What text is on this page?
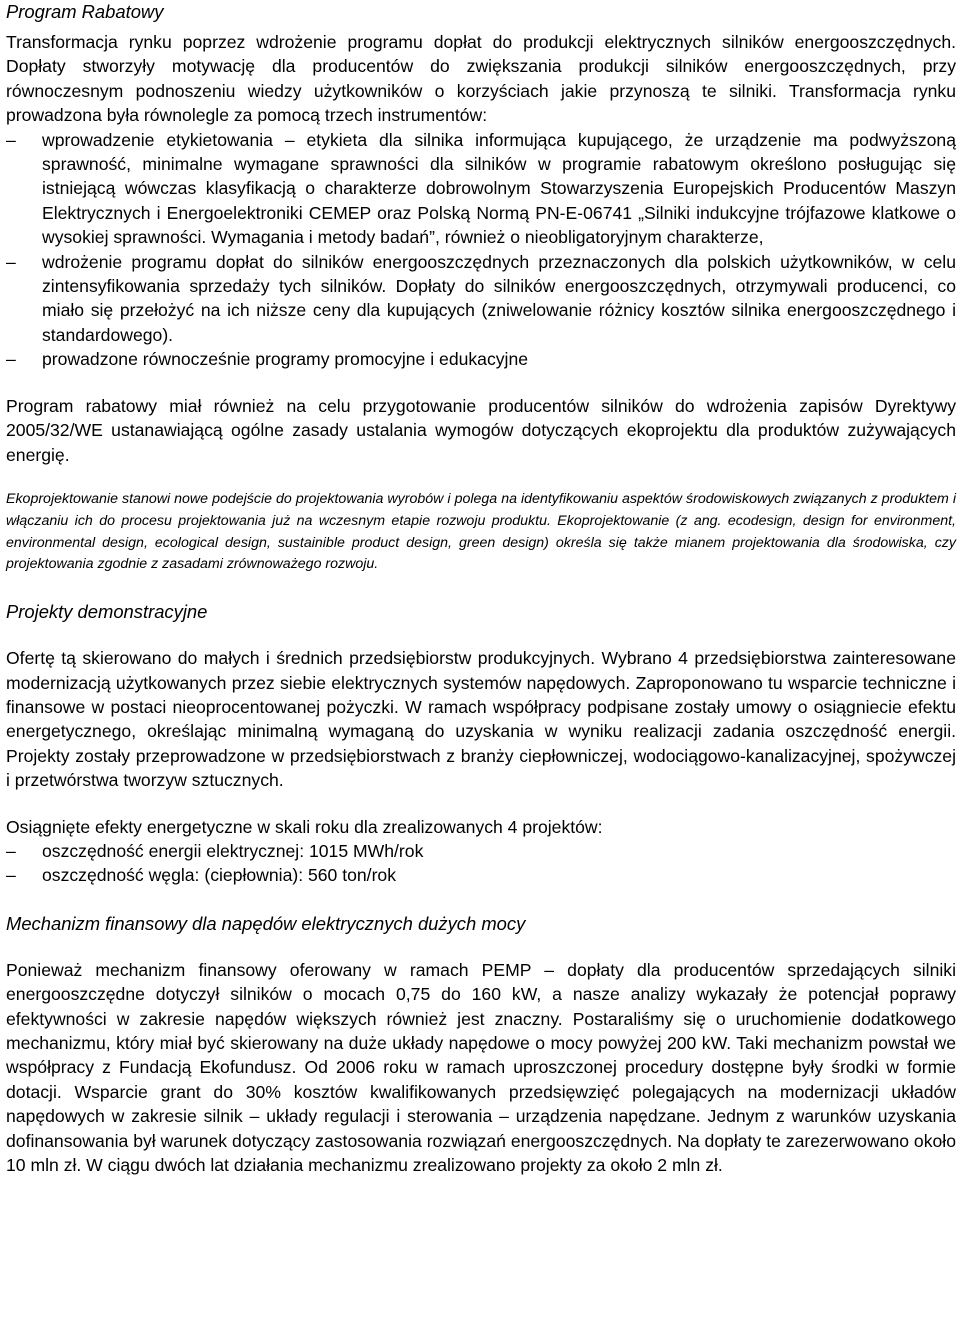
Program Rabatowy

Transformacja rynku poprzez wdrożenie programu dopłat do produkcji elektrycznych silników energooszczędnych. Dopłaty stworzyły motywację dla producentów do zwiększania produkcji silników energooszczędnych, przy równoczesnym podnoszeniu wiedzy użytkowników o korzyściach jakie przynoszą te silniki. Transformacja rynku prowadzona była równolegle za pomocą trzech instrumentów:

–	wprowadzenie etykietowania – etykieta dla silnika informująca kupującego, że urządzenie ma podwyższoną sprawność, minimalne wymagane sprawności dla silników w programie rabatowym określono posługując się istniejącą wówczas klasyfikacją o charakterze dobrowolnym Stowarzyszenia Europejskich Producentów Maszyn Elektrycznych i Energoelektroniki CEMEP oraz Polską Normą PN-E-06741 „Silniki indukcyjne trójfazowe klatkowe o wysokiej sprawności. Wymagania i metody badań”, również o nieobligatoryjnym charakterze,
–	wdrożenie programu dopłat do silników energooszczędnych przeznaczonych dla polskich użytkowników, w celu zintensyfikowania sprzedaży tych silników. Dopłaty do silników energooszczędnych, otrzymywali producenci, co miało się przełożyć na ich niższe ceny dla kupujących (zniwelowanie różnicy kosztów silnika energooszczędnego i standardowego).
–	prowadzone równocześnie programy promocyjne i edukacyjne

Program rabatowy miał również na celu przygotowanie producentów silników do wdrożenia zapisów Dyrektywy 2005/32/WE ustanawiającą ogólne zasady ustalania wymogów dotyczących ekoprojektu dla produktów zużywających energię.

Ekoprojektowanie stanowi nowe podejście do projektowania wyrobów i polega na identyfikowaniu aspektów środowiskowych związanych z produktem i włączaniu ich do procesu projektowania już na wczesnym etapie rozwoju produktu. Ekoprojektowanie (z ang. ecodesign, design for environment, environmental design, ecological design, sustainible product design, green design) określa się także mianem projektowania dla środowiska, czy projektowania zgodnie z zasadami zrównoważego rozwoju.

Projekty demonstracyjne

Ofertę tą skierowano do małych i średnich przedsiębiorstw produkcyjnych. Wybrano 4 przedsiębiorstwa zainteresowane modernizacją użytkowanych przez siebie elektrycznych systemów napędowych. Zaproponowano tu wsparcie techniczne i finansowe w postaci nieoprocentowanej pożyczki. W ramach współpracy podpisane zostały umowy o osiągniecie efektu energetycznego, określając minimalną wymaganą do uzyskania w wyniku realizacji zadania oszczędność energii. Projekty zostały przeprowadzone w przedsiębiorstwach z branży ciepłowniczej, wodociągowo-kanalizacyjnej, spożywczej i przetwórstwa tworzyw sztucznych.

Osiągnięte efekty energetyczne w skali roku dla zrealizowanych 4 projektów:

–	oszczędność energii elektrycznej: 1015 MWh/rok
–	oszczędność węgla: (ciepłownia): 560 ton/rok
Mechanizm finansowy dla napędów elektrycznych dużych mocy

Ponieważ mechanizm finansowy oferowany w ramach PEMP – dopłaty dla producentów sprzedających silniki energooszczędne dotyczył silników o mocach 0,75 do 160 kW, a nasze analizy wykazały że potencjał poprawy efektywności w zakresie napędów większych również jest znaczny. Postaraliśmy się o uruchomienie dodatkowego mechanizmu, który miał być skierowany na duże układy napędowe o mocy powyżej 200 kW. Taki mechanizm powstał we współpracy z Fundacją Ekofundusz. Od 2006 roku w ramach uproszczonej procedury dostępne były środki w formie dotacji. Wsparcie grant do 30% kosztów kwalifikowanych przedsięwzięć polegających na modernizacji układów napędowych w zakresie silnik – układy regulacji i sterowania – urządzenia napędzane. Jednym z warunków uzyskania dofinansowania był warunek dotyczący zastosowania rozwiązań energooszczędnych. Na dopłaty te zarezerwowano około 10 mln zł. W ciągu dwóch lat działania mechanizmu zrealizowano projekty za około 2 mln zł.
